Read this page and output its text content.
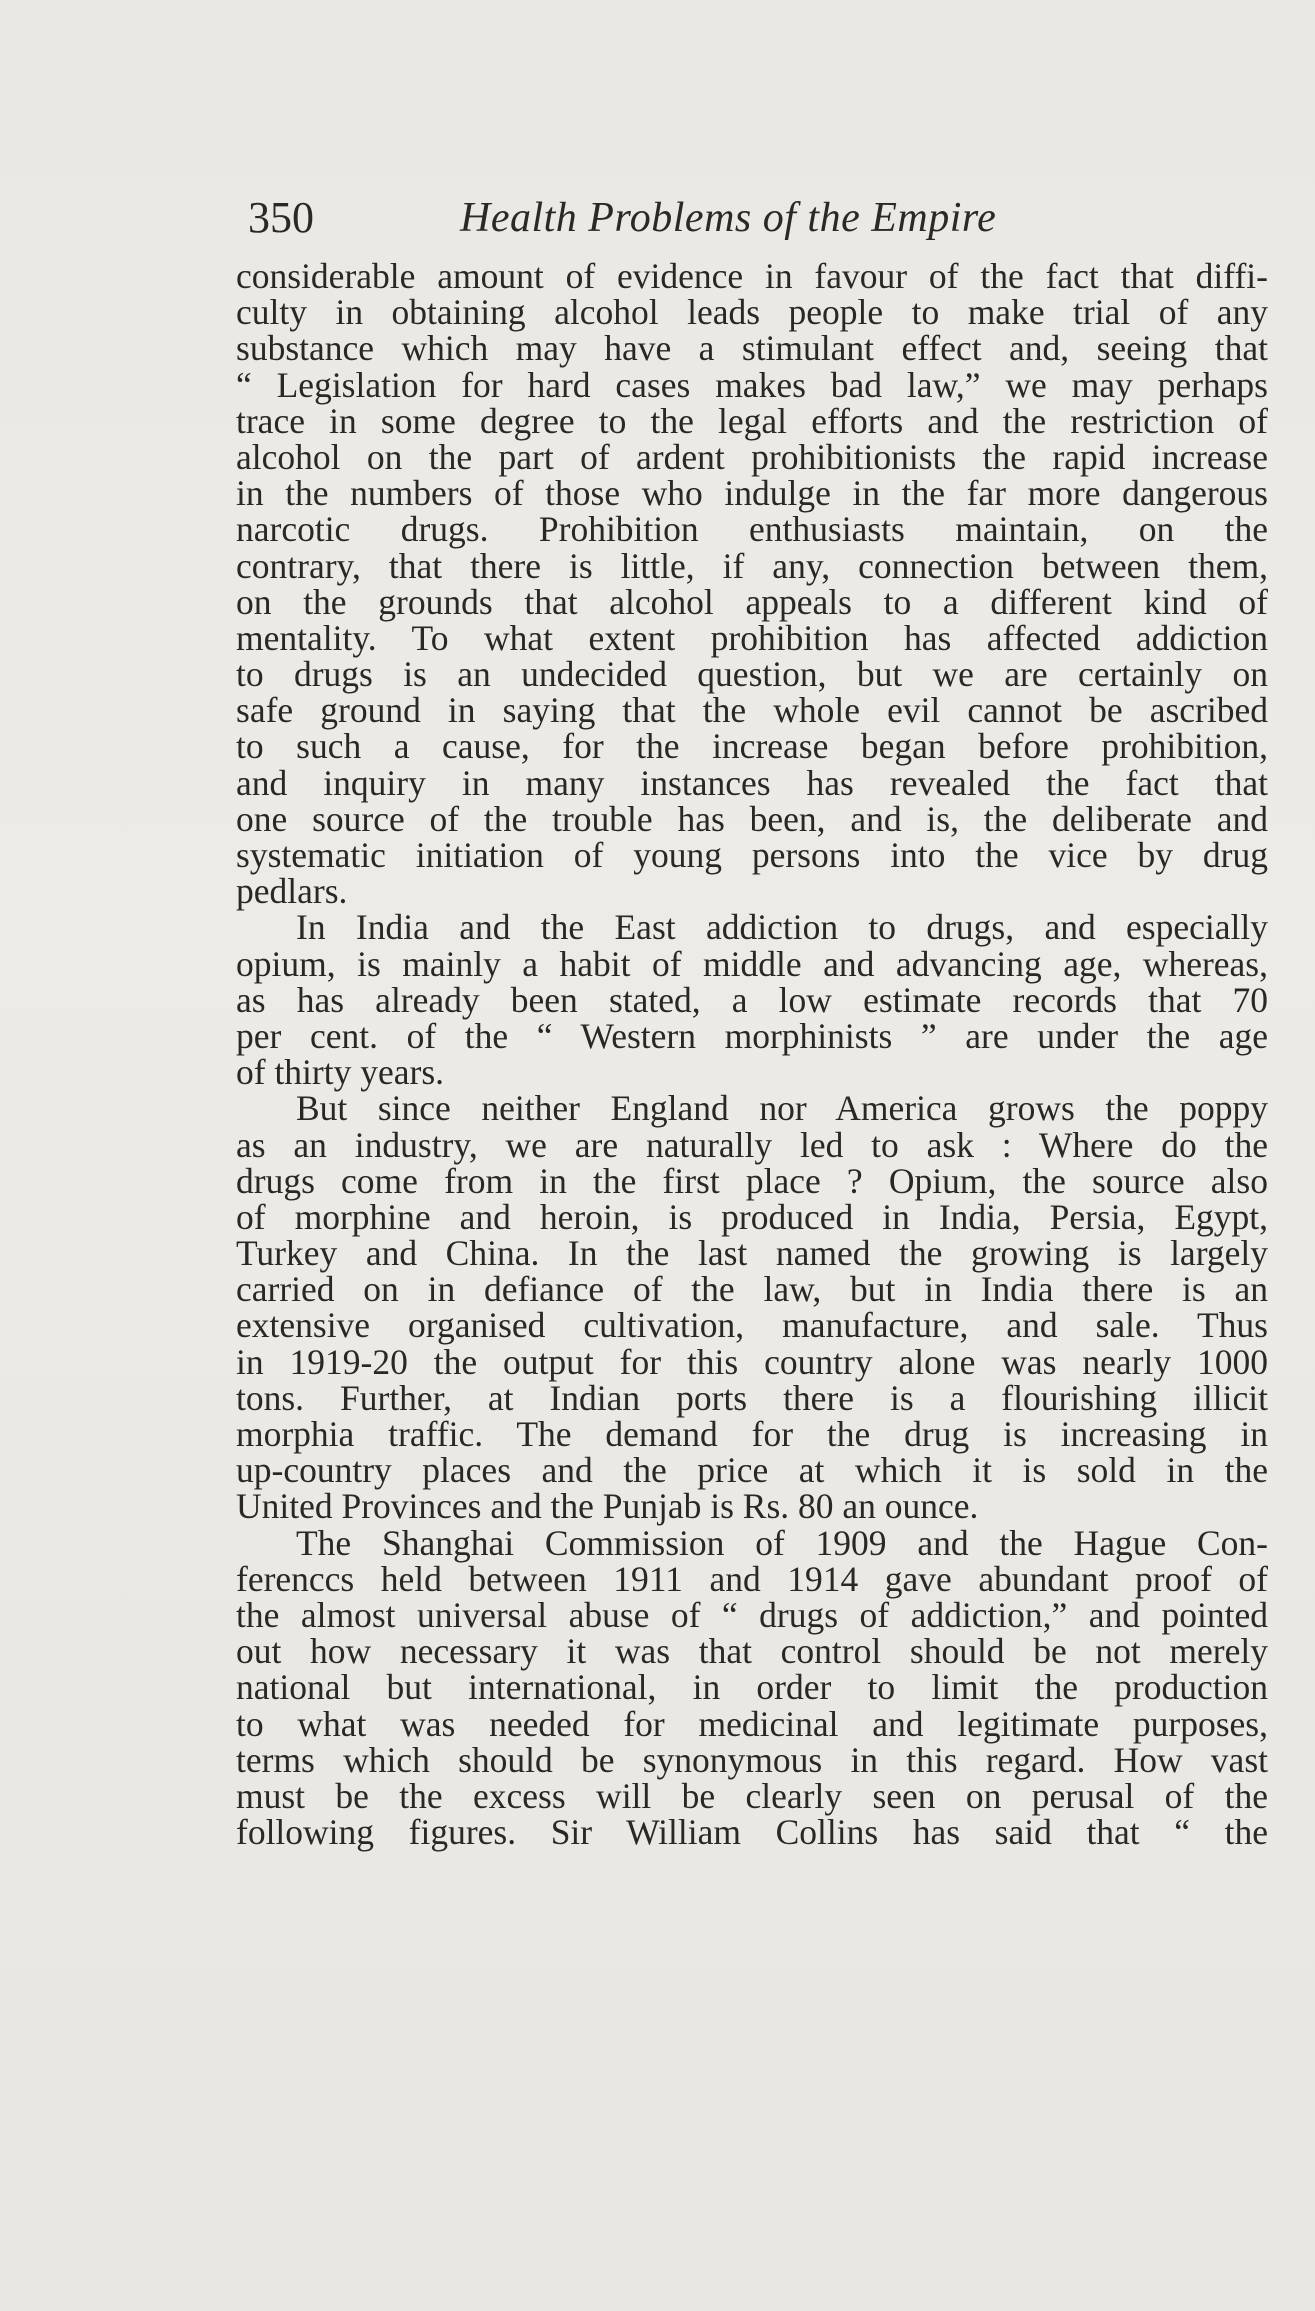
350	Health Problems of the Empire
considerable amount of evidence in favour of the fact that diffi-
culty in obtaining alcohol leads people to make trial of any
substance which may have a stimulant effect and, seeing that
“ Legislation for hard cases makes bad law,” we may perhaps
trace in some degree to the legal efforts and the restriction of
alcohol on the part of ardent prohibitionists the rapid increase
in the numbers of those who indulge in the far more dangerous
narcotic drugs. Prohibition enthusiasts maintain, on the
contrary, that there is little, if any, connection between them,
on the grounds that alcohol appeals to a different kind of
mentality. To what extent prohibition has affected addiction
to drugs is an undecided question, but we are certainly on
safe ground in saying that the whole evil cannot be ascribed
to such a cause, for the increase began before prohibition,
and inquiry in many instances has revealed the fact that
one source of the trouble has been, and is, the deliberate and
systematic initiation of young persons into the vice by drug
pedlars.
In India and the East addiction to drugs, and especially
opium, is mainly a habit of middle and advancing age, whereas,
as has already been stated, a low estimate records that 70
per cent. of the “ Western morphinists ” are under the age
of thirty years.
But since neither England nor America grows the poppy
as an industry, we are naturally led to ask : Where do the
drugs come from in the first place ? Opium, the source also
of morphine and heroin, is produced in India, Persia, Egypt,
Turkey and China. In the last named the growing is largely
carried on in defiance of the law, but in India there is an
extensive organised cultivation, manufacture, and sale. Thus
in 1919-20 the output for this country alone was nearly 1000
tons. Further, at Indian ports there is a flourishing illicit
morphia traffic. The demand for the drug is increasing in
up-country places and the price at which it is sold in the
United Provinces and the Punjab is Rs. 80 an ounce.
The Shanghai Commission of 1909 and the Hague Con-
ferencсs held between 1911 and 1914 gave abundant proof of
the almost universal abuse of “ drugs of addiction,” and pointed
out how necessary it was that control should be not merely
national but international, in order to limit the production
to what was needed for medicinal and legitimate purposes,
terms which should be synonymous in this regard. How vast
must be the excess will be clearly seen on perusal of the
following figures. Sir William Collins has said that “ the
